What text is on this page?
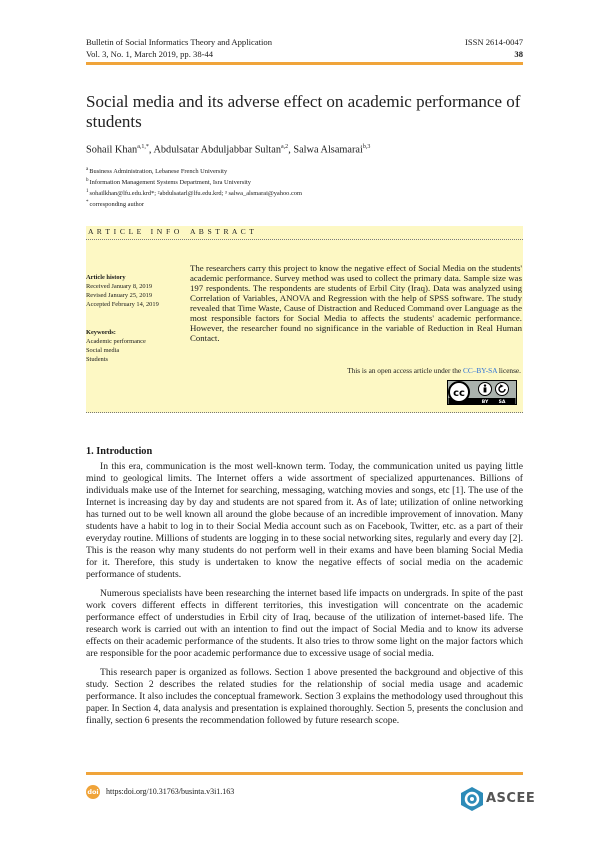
Bulletin of Social Informatics Theory and Application
Vol. 3, No. 1, March 2019, pp. 38-44
ISSN 2614-0047
38
Social media and its adverse effect on academic performance of students
Sohail Khan$^{a,1,*}$, Abdulsatar Abduljabbar Sultan$^{a,2}$, Salwa Alsamarai$^{b,3}$
$^a$Business Administration, Lebanese French University
$^b$Information Management Systems Department, Isra University
$^1$sohailkhan@lfu.edu.krd*; ²abdulsatarl@lfu.edu.krd; ³ salwa_alsmarai@yahoo.com
*corresponding author
A R T I C L E   I N F O A B S T R A C T
Article history
Received January 8, 2019
Revised January 25, 2019
Accepted February 14, 2019
Keywords:
Academic performance
Social media
Students
The researchers carry this project to know the negative effect of Social Media on the students' academic performance. Survey method was used to collect the primary data. Sample size was 197 respondents. The respondents are students of Erbil City (Iraq). Data was analyzed using Correlation of Variables, ANOVA and Regression with the help of SPSS software. The study revealed that Time Waste, Cause of Distraction and Reduced Command over Language as the most responsible factors for Social Media to affects the students' academic performance. However, the researcher found no significance in the variable of Reduction in Real Human Contact.
This is an open access article under the CC–BY-SA license.
cc
BY SA
1. Introduction

In this era, communication is the most well-known term. Today, the communication united us paying little mind to geological limits. The Internet offers a wide assortment of specialized appurtenances. Billions of individuals make use of the Internet for searching, messaging, watching movies and songs, etc [1]. The use of the Internet is increasing day by day and students are not spared from it. As of late; utilization of online networking has turned out to be well known all around the globe because of an incredible improvement of innovation. Many students have a habit to log in to their Social Media account such as on Facebook, Twitter, etc. as a part of their everyday routine. Millions of students are logging in to these social networking sites, regularly and every day [2]. This is the reason why many students do not perform well in their exams and have been blaming Social Media for it. Therefore, this study is undertaken to know the negative effects of social media on the academic performance of students.

Numerous specialists have been researching the internet based life impacts on undergrads. In spite of the past work covers different effects in different territories, this investigation will concentrate on the academic performance effect of understudies in Erbil city of Iraq, because of the utilization of internet-based life. The research work is carried out with an intention to find out the impact of Social Media and to know its adverse effects on their academic performance of the students. It also tries to throw some light on the major factors which are responsible for the poor academic performance due to excessive usage of social media.

This research paper is organized as follows. Section 1 above presented the background and objective of this study. Section 2 describes the related studies for the relationship of social media usage and academic performance. It also includes the conceptual framework. Section 3 explains the methodology used throughout this paper. In Section 4, data analysis and presentation is explained thoroughly. Section 5, presents the conclusion and finally, section 6 presents the recommendation followed by future research scope.

doi https:doi.org/10.31763/businta.v3i1.163	ASCEE
